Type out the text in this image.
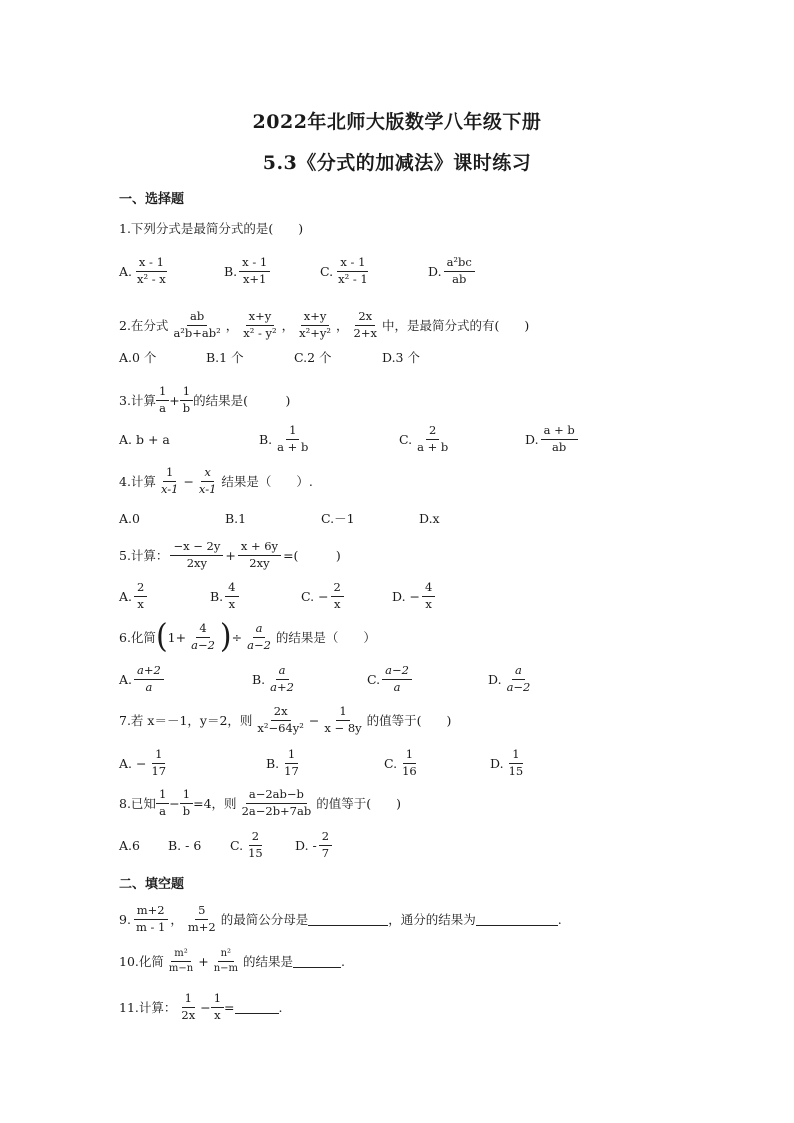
2022年北师大版数学八年级下册
5.3《分式的加减法》课时练习
一、选择题
1.下列分式是最简分式的是(　　)
A. $\frac{x - 1}{\text{x² - x}}$	B. $\frac{x - 1}{x+1}$	C. $\frac{x - 1}{\text{x² - 1}}$	D. $\frac{\text{a²bc}}{ab}$
2.在分式 $\frac{ab}{\text{a²b+ab²}}$ ， $\frac{x+y}{\text{x² - y²}}$ ， $\frac{x+y}{\text{x²+y²}}$ ， $\frac{2x}{2+x}$ 中，是最简分式的有(　　)
A.0 个	B.1 个	C.2 个	D.3 个
3.计算 $\frac{1}{a} + \frac{1}{b}$ 的结果是(　　　)
A. b + a	B. $\frac{1}{a + b}$	C. $\frac{2}{a + b}$	D. $\frac{a + b}{ab}$
4.计算 $\frac{1}{x-1} - \frac{x}{x-1}$ 结果是（　　）.
A.0	B.1	C.－1	D.x
5.计算： $\frac{-x - 2y}{2xy} + \frac{x + 6y}{2xy}$ =(　　　)
A. $\frac{2}{x}$	B. $\frac{4}{x}$	C. − $\frac{2}{x}$	D. − $\frac{4}{x}$
6.化简 ( $1+ \frac{4}{a-2}$ ) ÷ $\frac{a}{a-2}$ 的结果是（　　）
A. $\frac{a+2}{a}$	B. $\frac{a}{a+2}$	C. $\frac{a-2}{a}$	D. $\frac{a}{a-2}$
7.若 x＝－1，y＝2，则 $\frac{2x}{\text{x²−64y²}} - \frac{1}{x - 8y}$ 的值等于(　　)
A. − $\frac{1}{17}$	B. $\frac{1}{17}$	C. $\frac{1}{16}$	D. $\frac{1}{15}$
8.已知 $\frac{1}{a} - \frac{1}{b} =4$，则 $\frac{a-2ab-b}{2a-2b+7ab}$ 的值等于(　　)
A.6 B. - 6 C. $\frac{2}{15} D$. - $\frac{2}{7}$
二、填空题
9. $\frac{m+2}{m - 1}$ ， $\frac{5}{m+2}$ 的最简公分母是	，通分的结果为	.
10.化简 $\frac{\text{m²}}{m-n} + \frac{\text{n²}}{n-m}$ 的结果是	.
11.计算： $\frac{1}{2x} - \frac{1}{x}$ =	.
